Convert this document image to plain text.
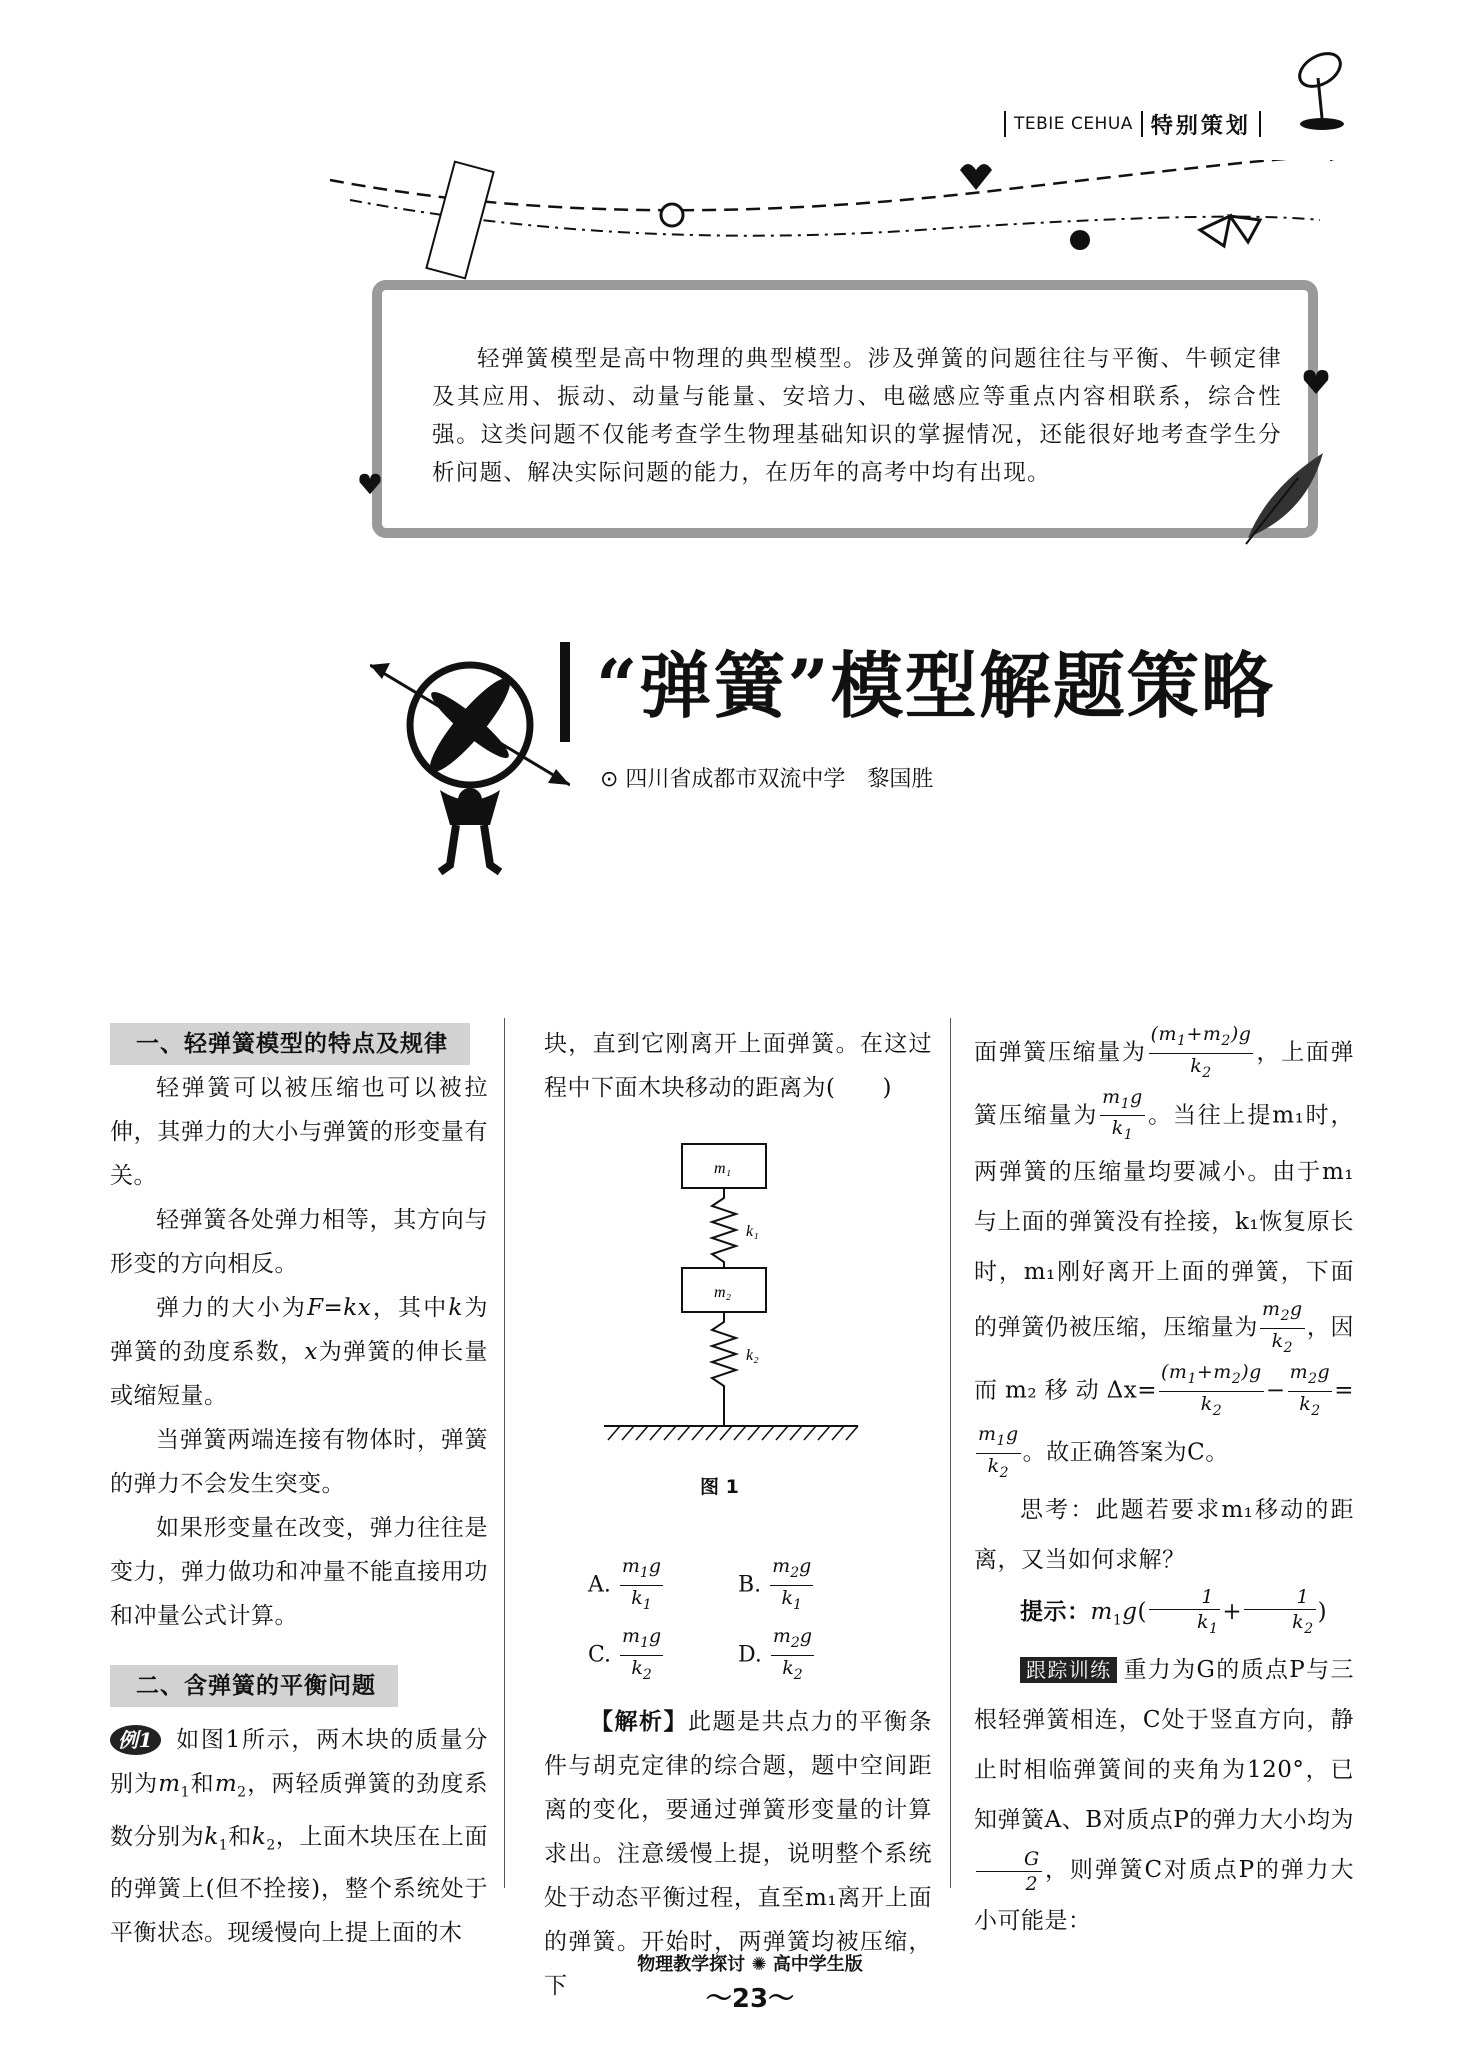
TEBIE CEHUA 特别策划
轻弹簧模型是高中物理的典型模型。涉及弹簧的问题往往与平衡、牛顿定律及其应用、振动、动量与能量、安培力、电磁感应等重点内容相联系，综合性强。这类问题不仅能考查学生物理基础知识的掌握情况，还能很好地考查学生分析问题、解决实际问题的能力，在历年的高考中均有出现。
“弹簧”模型解题策略
⊙ 四川省成都市双流中学　黎国胜

一、轻弹簧模型的特点及规律

轻弹簧可以被压缩也可以被拉伸，其弹力的大小与弹簧的形变量有关。

轻弹簧各处弹力相等，其方向与形变的方向相反。

弹力的大小为F=kx，其中k为弹簧的劲度系数，x为弹簧的伸长量或缩短量。

当弹簧两端连接有物体时，弹簧的弹力不会发生突变。

如果形变量在改变，弹力往往是变力，弹力做功和冲量不能直接用功和冲量公式计算。

二、含弹簧的平衡问题

例1 如图1所示，两木块的质量分别为$m_1$和$m_2$，两轻质弹簧的劲度系数分别为$k_1$和$k_2$，上面木块压在上面的弹簧上(但不拴接)，整个系统处于平衡状态。现缓慢向上提上面的木

块，直到它刚离开上面弹簧。在这过程中下面木块移动的距离为(　　)

m₁
k₁
m₂
k₂
图 1
A. $\frac{m_1g}{k_1}$	B. $\frac{m_2g}{k_1}$
C. $\frac{m_1g}{k_2}$	D. $\frac{m_2g}{k_2}$

【解析】此题是共点力的平衡条件与胡克定律的综合题，题中空间距离的变化，要通过弹簧形变量的计算求出。注意缓慢上提，说明整个系统处于动态平衡过程，直至m₁离开上面的弹簧。开始时，两弹簧均被压缩，下

面弹簧压缩量为 $\frac{(m_1+m_2)g}{k_2}$ ，上面弹簧压缩量为 $\frac{m_1g}{k_1}$ 。当往上提m₁时，两弹簧的压缩量均要减小。由于m₁与上面的弹簧没有拴接，k₁恢复原长时，m₁刚好离开上面的弹簧，下面的弹簧仍被压缩，压缩量为 $\frac{m_2g}{k_2}$ ，因而m₂移动$\Delta x= \frac{(m_1+m_2)g}{k_2} - \frac{m_2g}{k_2}$ =
$\frac{m_1g}{k_2}$ 。故正确答案为C。

思考：此题若要求m₁移动的距离，又当如何求解？

提示：$m_1g( \frac{1}{k_1} + \frac{1}{k_2}$ )

跟踪训练 重力为G的质点P与三根轻弹簧相连，C处于竖直方向，静止时相临弹簧间的夹角为120°，已知弹簧A、B对质点P的弹力大小均为
$\frac{G}{2}$ ，则弹簧C对质点P的弹力大小可能是：

物理教学探讨 ✺ 高中学生版
〜23〜
